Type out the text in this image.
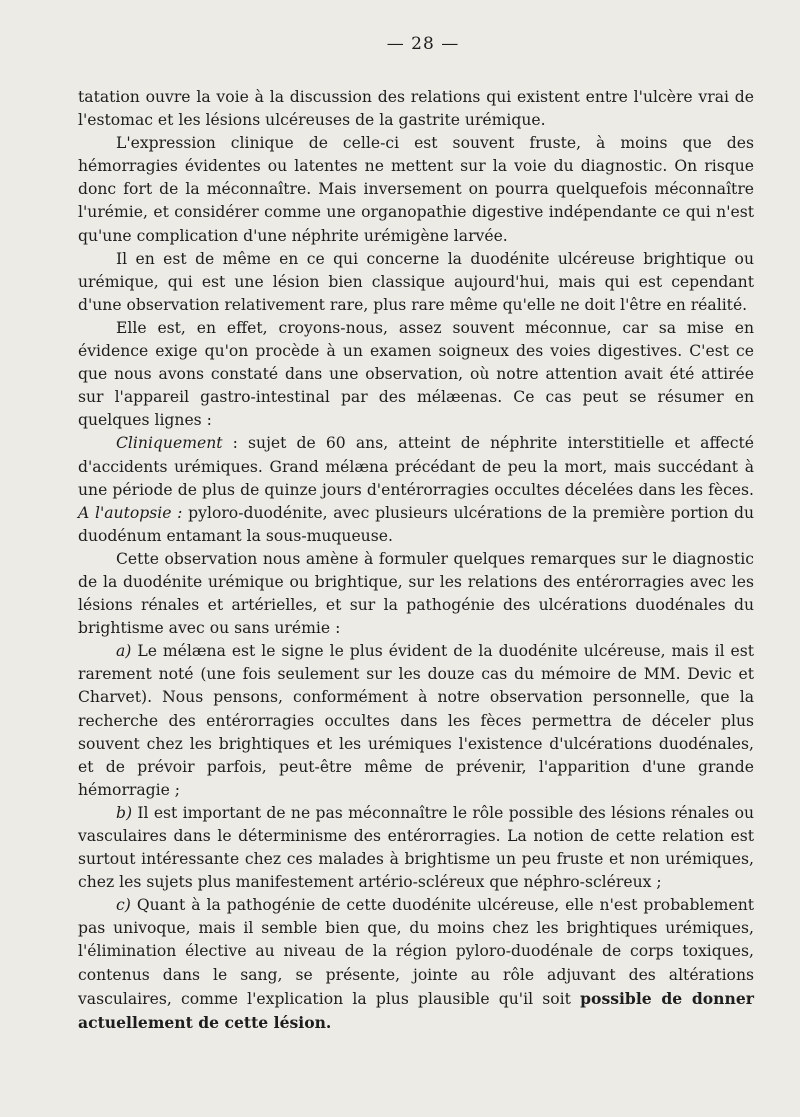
— 28 —

tatation ouvre la voie à la discussion des relations qui existent entre l'ulcère vrai de l'estomac et les lésions ulcéreuses de la gastrite urémique.

L'expression clinique de celle-ci est souvent fruste, à moins que des hémorragies évidentes ou latentes ne mettent sur la voie du diagnostic. On risque donc fort de la méconnaître. Mais inversement on pourra quelquefois méconnaître l'urémie, et considérer comme une organopathie digestive indépendante ce qui n'est qu'une complication d'une néphrite urémigène larvée.

Il en est de même en ce qui concerne la duodénite ulcéreuse brightique ou urémique, qui est une lésion bien classique aujourd'hui, mais qui est cependant d'une observation relativement rare, plus rare même qu'elle ne doit l'être en réalité.

Elle est, en effet, croyons-nous, assez souvent méconnue, car sa mise en évidence exige qu'on procède à un examen soigneux des voies digestives. C'est ce que nous avons constaté dans une observation, où notre attention avait été attirée sur l'appareil gastro-intestinal par des mélæenas. Ce cas peut se résumer en quelques lignes :

Cliniquement : sujet de 60 ans, atteint de néphrite interstitielle et affecté d'accidents urémiques. Grand mélæna précédant de peu la mort, mais succédant à une période de plus de quinze jours d'entérorragies occultes décelées dans les fèces. A l'autopsie : pyloro-duodénite, avec plusieurs ulcérations de la première portion du duodénum entamant la sous-muqueuse.

Cette observation nous amène à formuler quelques remarques sur le diagnostic de la duodénite urémique ou brightique, sur les relations des entérorragies avec les lésions rénales et artérielles, et sur la pathogénie des ulcérations duodénales du brightisme avec ou sans urémie :

a) Le mélæna est le signe le plus évident de la duodénite ulcéreuse, mais il est rarement noté (une fois seulement sur les douze cas du mémoire de MM. Devic et Charvet). Nous pensons, conformément à notre observation personnelle, que la recherche des entérorragies occultes dans les fèces permettra de déceler plus souvent chez les brightiques et les urémiques l'existence d'ulcérations duodénales, et de prévoir parfois, peut-être même de prévenir, l'apparition d'une grande hémorragie ;

b) Il est important de ne pas méconnaître le rôle possible des lésions rénales ou vasculaires dans le déterminisme des entérorragies. La notion de cette relation est surtout intéressante chez ces malades à brightisme un peu fruste et non urémiques, chez les sujets plus manifestement artério-scléreux que néphro-scléreux ;

c) Quant à la pathogénie de cette duodénite ulcéreuse, elle n'est probablement pas univoque, mais il semble bien que, du moins chez les brightiques urémiques, l'élimination élective au niveau de la région pyloro-duodénale de corps toxiques, contenus dans le sang, se présente, jointe au rôle adjuvant des altérations vasculaires, comme l'explication la plus plausible qu'il soit possible de donner actuellement de cette lésion.
